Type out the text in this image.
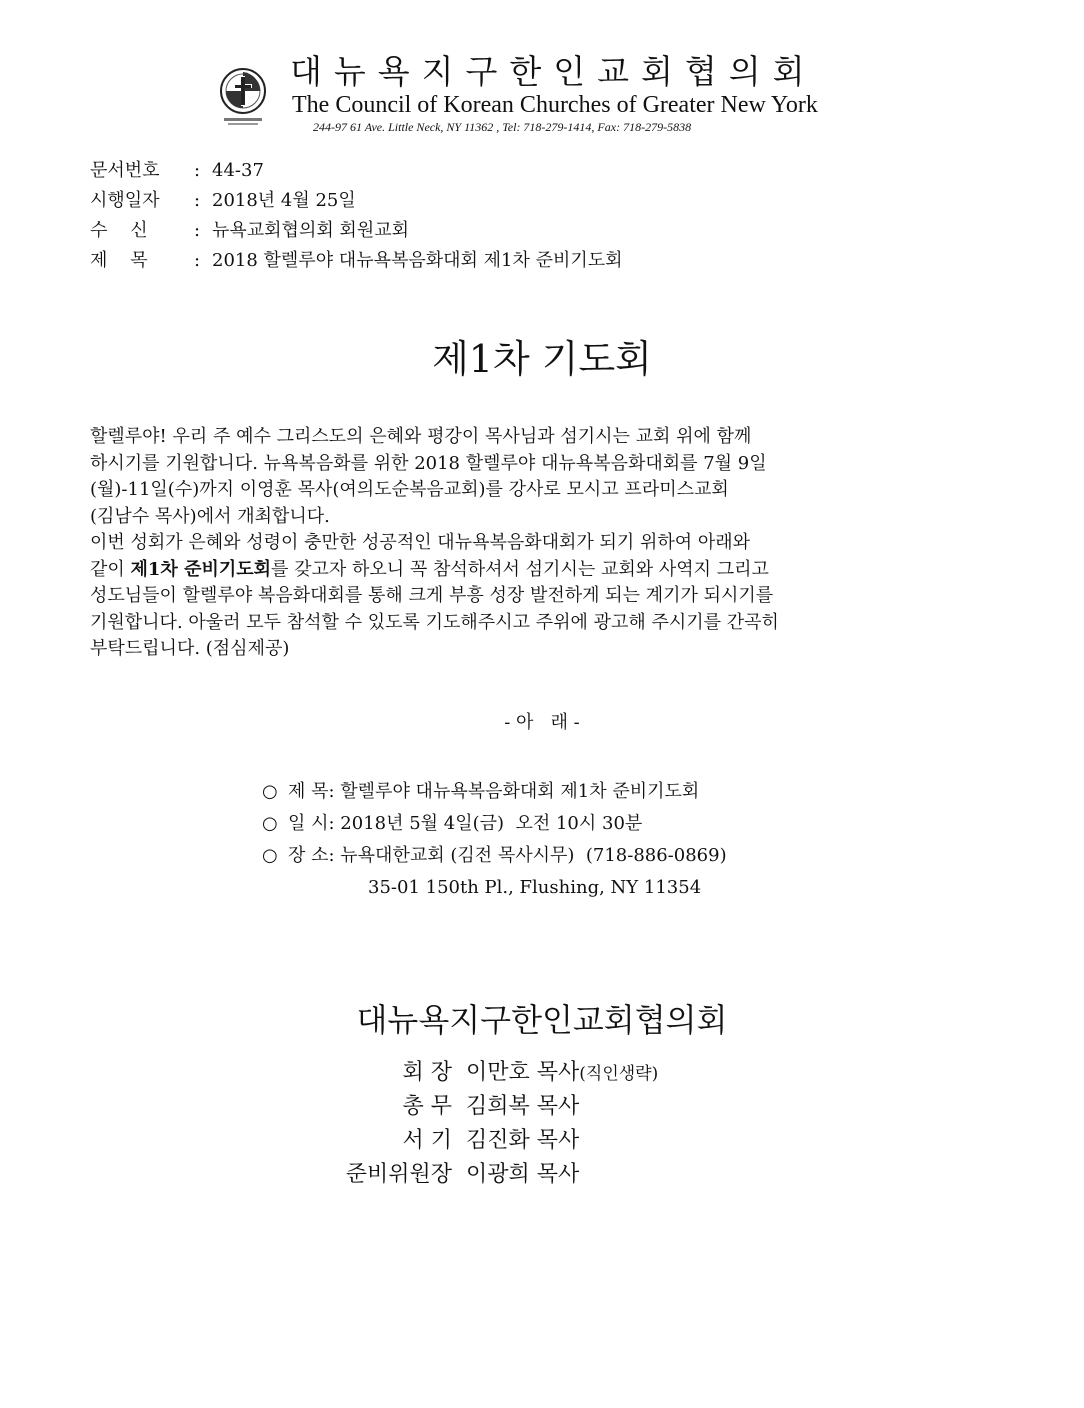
대뉴욕지구한인교회협의회
The Council of Korean Churches of Greater New York
244-97 61 Ave. Little Neck, NY 11362 , Tel: 718-279-1414, Fax: 718-279-5838
문서번호 : 44-37
시행일자 : 2018년 4월 25일
수    신	: 뉴욕교회협의회 회원교회
제    목	: 2018 할렐루야 대뉴욕복음화대회 제1차 준비기도회
제1차 기도회
할렐루야! 우리 주 예수 그리스도의 은혜와 평강이 목사님과 섬기시는 교회 위에 함께
하시기를 기원합니다. 뉴욕복음화를 위한 2018 할렐루야 대뉴욕복음화대회를 7월 9일
(월)-11일(수)까지 이영훈 목사(여의도순복음교회)를 강사로 모시고 프라미스교회
(김남수 목사)에서 개최합니다.
이번 성회가 은혜와 성령이 충만한 성공적인 대뉴욕복음화대회가 되기 위하여 아래와
같이 제1차 준비기도회를 갖고자 하오니 꼭 참석하셔서 섬기시는 교회와 사역지 그리고
성도님들이 할렐루야 복음화대회를 통해 크게 부흥 성장 발전하게 되는 계기가 되시기를
기원합니다. 아울러 모두 참석할 수 있도록 기도해주시고 주위에 광고해 주시기를 간곡히
부탁드립니다. (점심제공)
- 아   래 -
○ 제 목: 할렐루야 대뉴욕복음화대회 제1차 준비기도회
○ 일 시: 2018년 5월 4일(금)  오전 10시 30분
○ 장 소: 뉴욕대한교회 (김전 목사시무)  (718-886-0869)
35-01 150th Pl., Flushing, NY 11354
대뉴욕지구한인교회협의회
회 장 이만호 목사(직인생략)
총 무 김희복 목사
서 기 김진화 목사
준비위원장 이광희 목사
